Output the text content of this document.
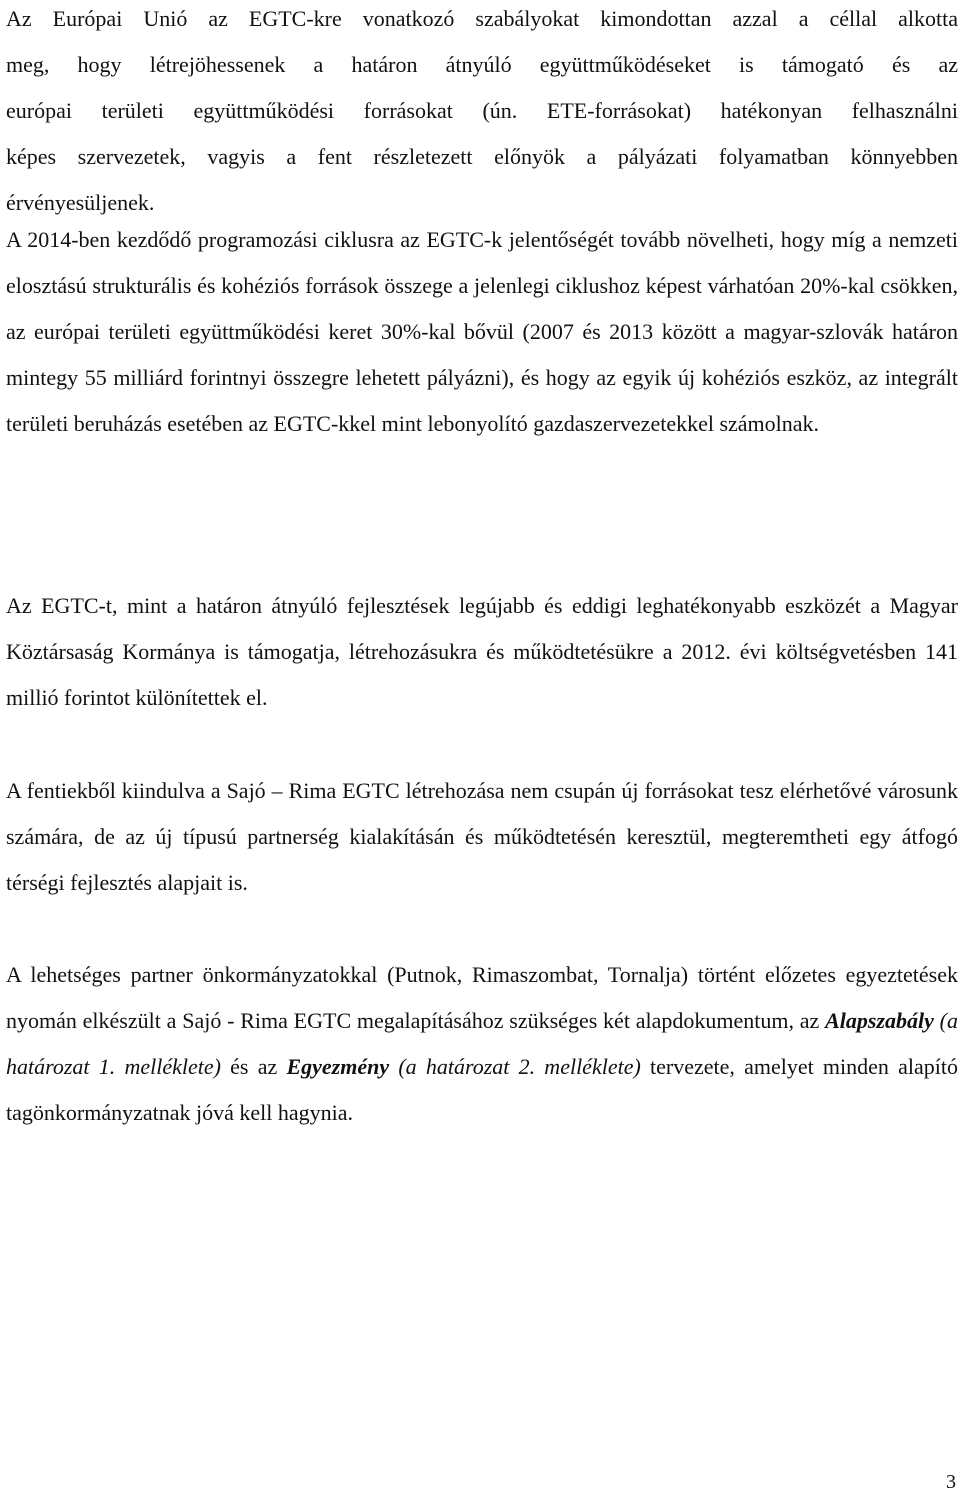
Az Európai Unió az EGTC-kre vonatkozó szabályokat kimondottan azzal a céllal alkotta
meg, hogy létrejöhessenek a határon átnyúló együttműködéseket is támogató és az
európai területi együttműködési forrásokat (ún. ETE-forrásokat) hatékonyan felhasználni
képes szervezetek, vagyis a fent részletezett előnyök a pályázati folyamatban könnyebben
érvényesüljenek.

A 2014-ben kezdődő programozási ciklusra az EGTC-k jelentőségét tovább növelheti, hogy míg a nemzeti elosztású strukturális és kohéziós források összege a jelenlegi ciklushoz képest várhatóan 20%-kal csökken, az európai területi együttműködési keret 30%-kal bővül (2007 és 2013 között a magyar-szlovák határon mintegy 55 milliárd forintnyi összegre lehetett pályázni), és hogy az egyik új kohéziós eszköz, az integrált területi beruházás esetében az EGTC-kkel mint lebonyolító gazdaszervezetekkel számolnak.

Az EGTC-t, mint a határon átnyúló fejlesztések legújabb és eddigi leghatékonyabb eszközét a Magyar Köztársaság Kormánya is támogatja, létrehozásukra és működtetésükre a 2012. évi költségvetésben 141 millió forintot különítettek el.

A fentiekből kiindulva a Sajó – Rima EGTC létrehozása nem csupán új forrásokat tesz elérhetővé városunk számára, de az új típusú partnerség kialakításán és működtetésén keresztül, megteremtheti egy átfogó térségi fejlesztés alapjait is.

A lehetséges partner önkormányzatokkal (Putnok, Rimaszombat, Tornalja) történt előzetes egyeztetések nyomán elkészült a Sajó - Rima EGTC megalapításához szükséges két alapdokumentum, az Alapszabály (a határozat 1. melléklete) és az Egyezmény (a határozat 2. melléklete) tervezete, amelyet minden alapító tagönkormányzatnak jóvá kell hagynia.

3
